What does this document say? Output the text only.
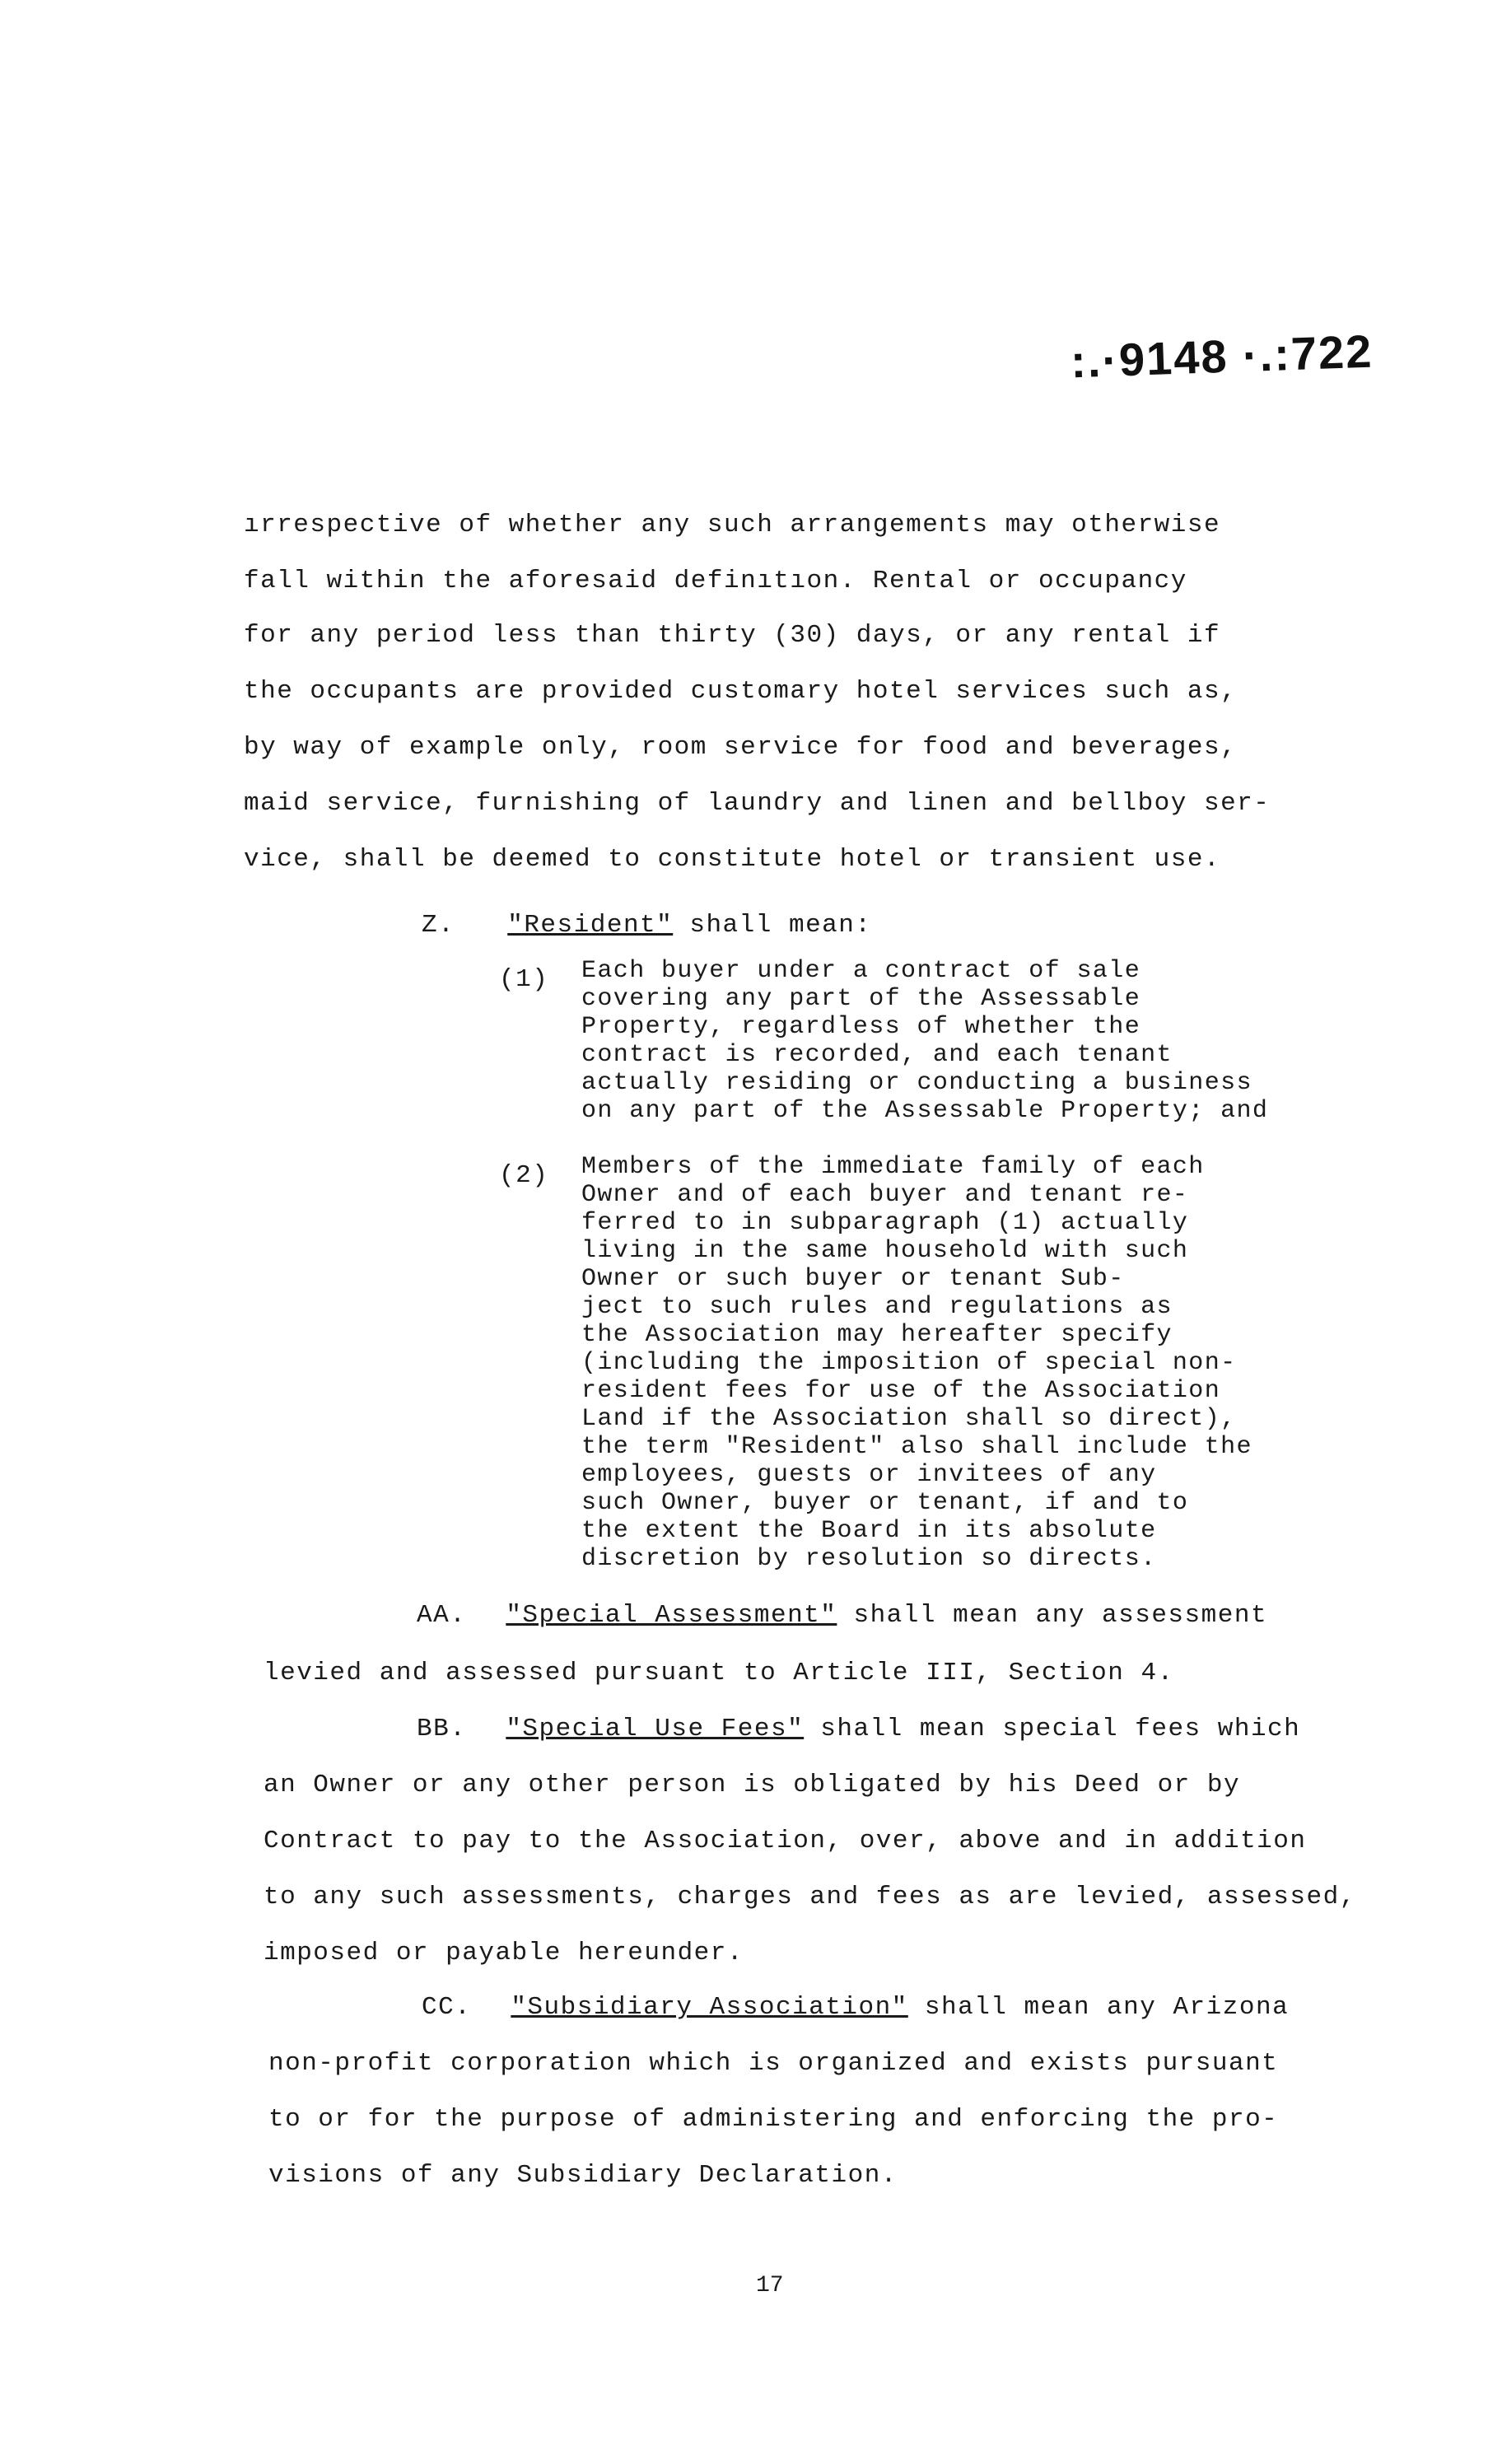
:.·9148 ·.:722
ırrespective of whether any such arrangements may otherwise
fall within the aforesaid definıtıon. Rental or occupancy
for any period less than thirty (30) days, or any rental if
the occupants are provided customary hotel services such as,
by way of example only, room service for food and beverages,
maid service, furnishing of laundry and linen and bellboy ser-
vice, shall be deemed to constitute hotel or transient use.
Z. "Resident" shall mean:
(1) Each buyer under a contract of sale
covering any part of the Assessable
Property, regardless of whether the
contract is recorded, and each tenant
actually residing or conducting a business
on any part of the Assessable Property; and
(2) Members of the immediate family of each
Owner and of each buyer and tenant re-
ferred to in subparagraph (1) actually
living in the same household with such
Owner or such buyer or tenant Sub-
ject to such rules and regulations as
the Association may hereafter specify
(including the imposition of special non-
resident fees for use of the Association
Land if the Association shall so direct),
the term "Resident" also shall include the
employees, guests or invitees of any
such Owner, buyer or tenant, if and to
the extent the Board in its absolute
discretion by resolution so directs.
AA. "Special Assessment" shall mean any assessment
levied and assessed pursuant to Article III, Section 4.
BB. "Special Use Fees" shall mean special fees which
an Owner or any other person is obligated by his Deed or by
Contract to pay to the Association, over, above and in addition
to any such assessments, charges and fees as are levied, assessed,
imposed or payable hereunder.
CC. "Subsidiary Association" shall mean any Arizona
non-profit corporation which is organized and exists pursuant
to or for the purpose of administering and enforcing the pro-
visions of any Subsidiary Declaration.
17
